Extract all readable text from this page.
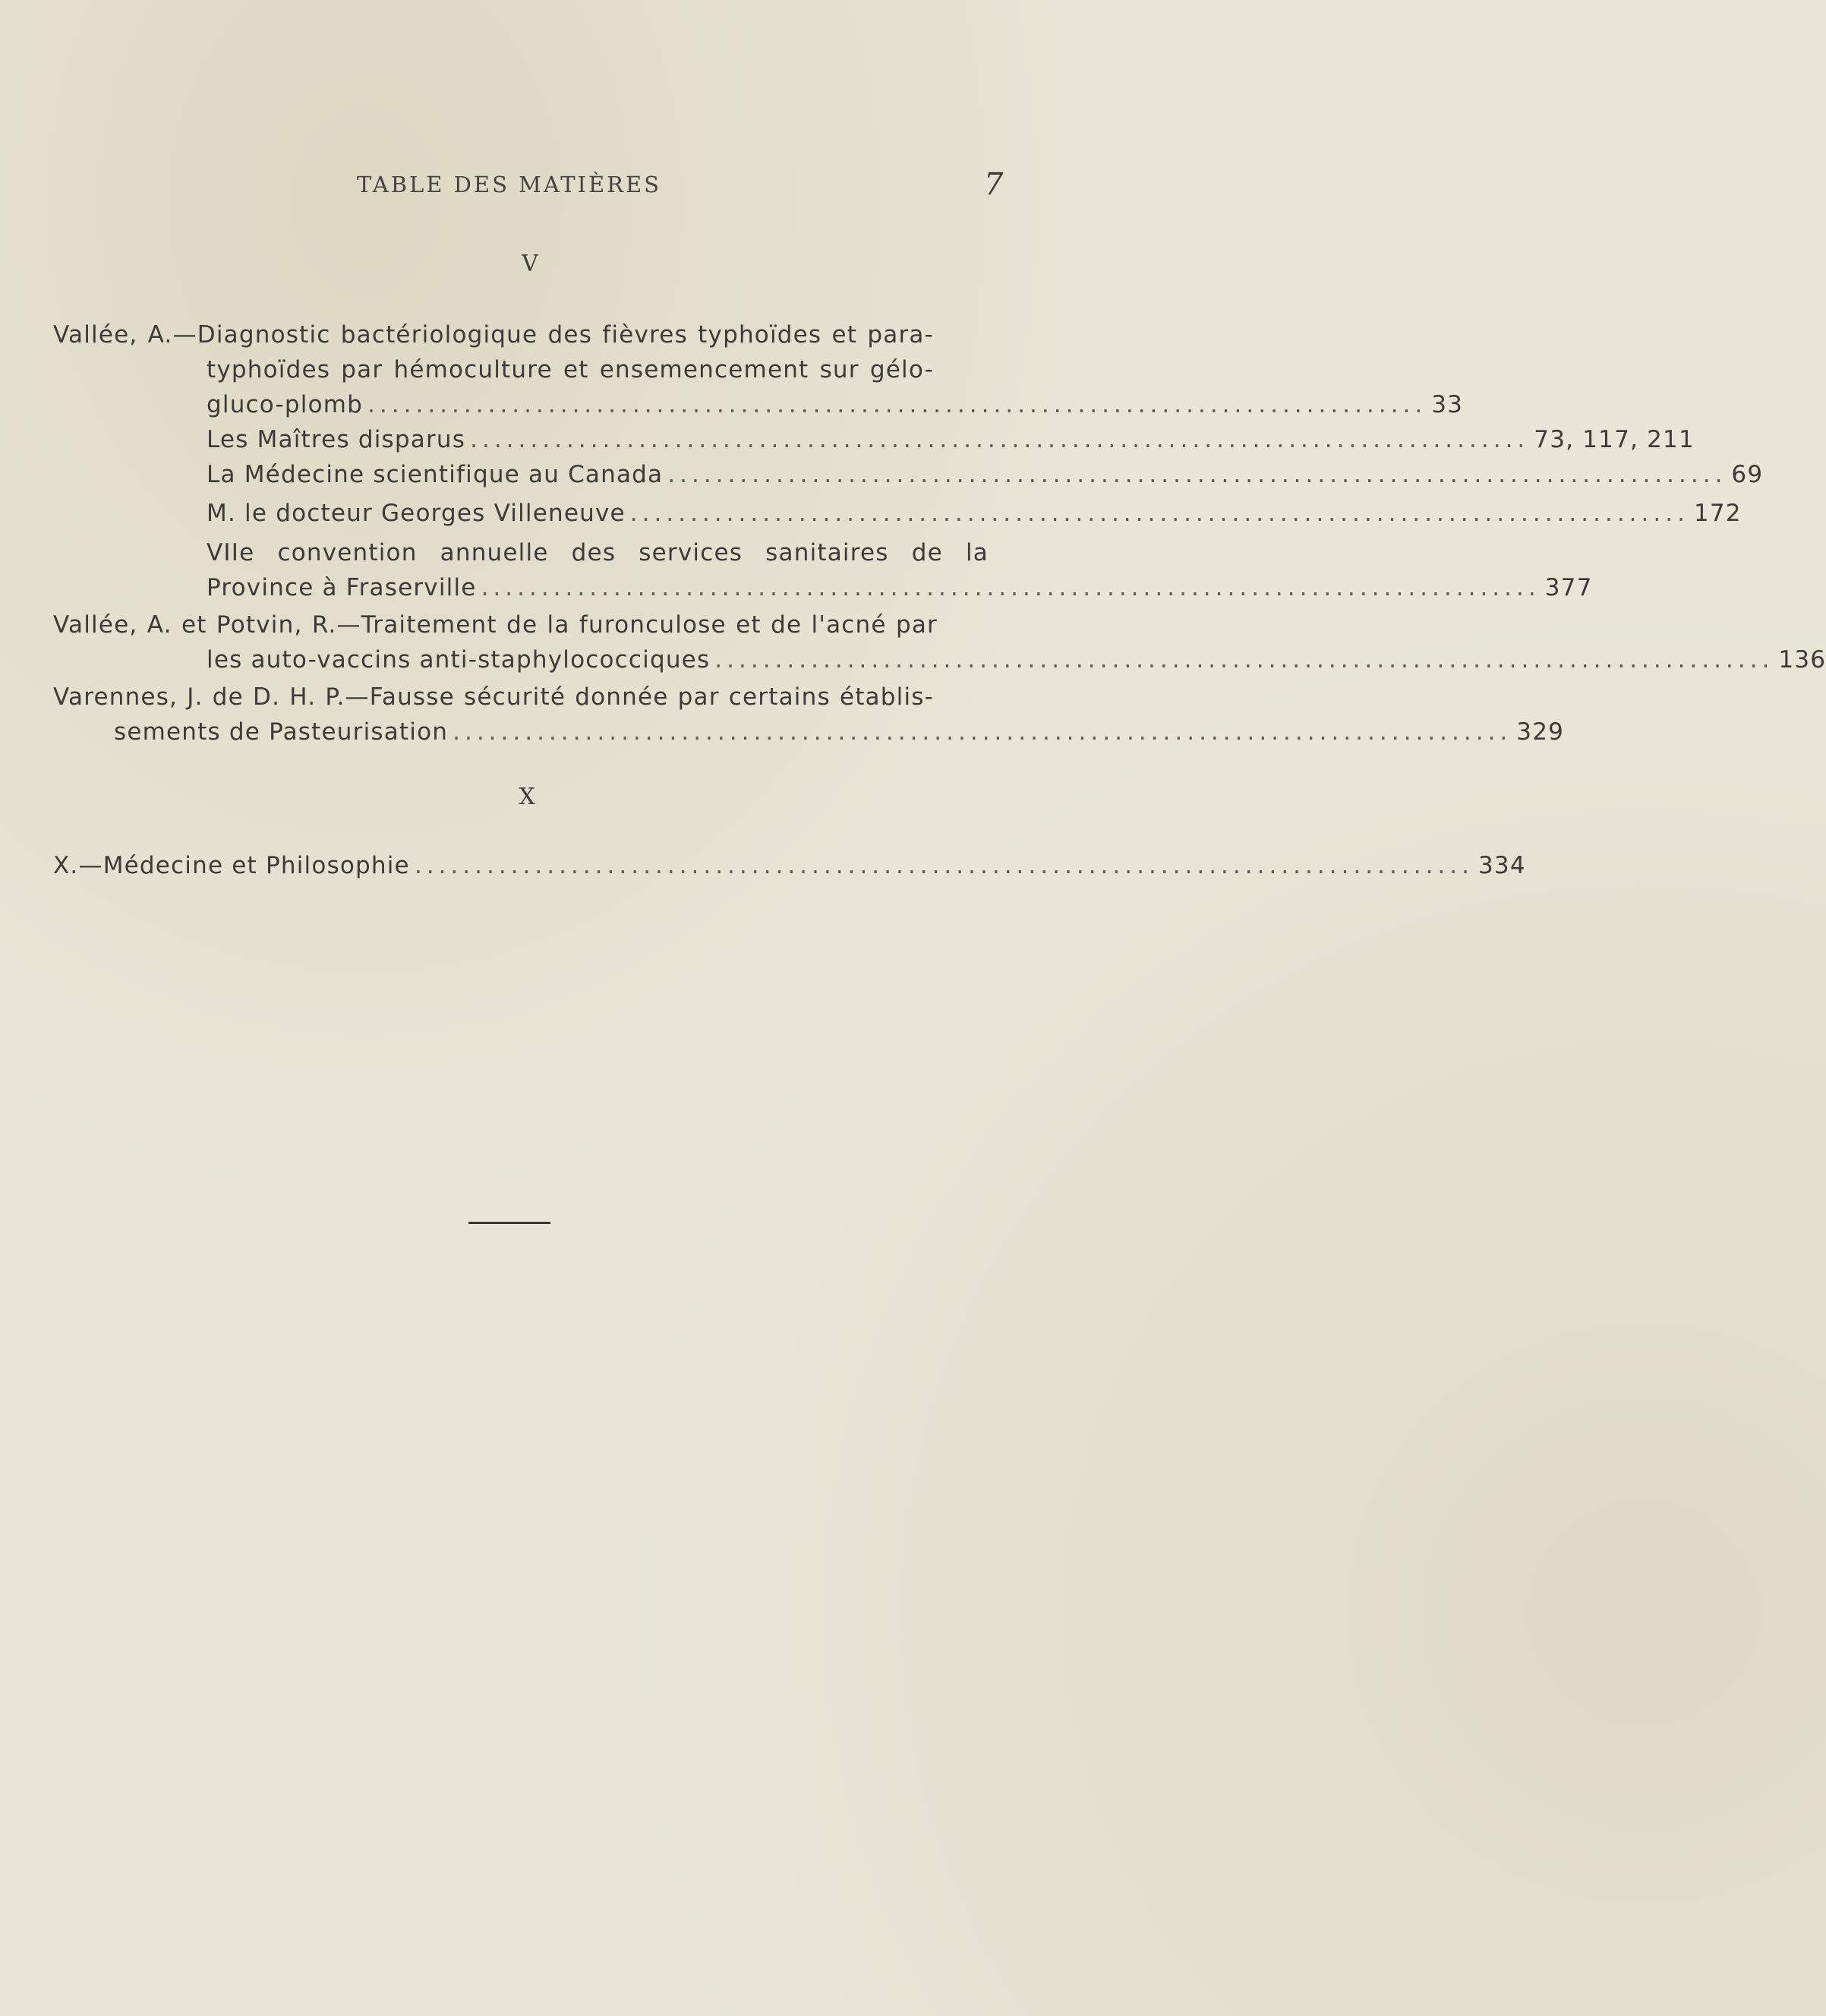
TABLE DES MATIÈRES	7
V
Vallée, A.—Diagnostic bactériologique des fièvres typhoïdes et para-
typhoïdes par hémoculture et ensemencement sur gélo-
gluco-plomb ........................................................................................ 33
Les Maîtres disparus ........................................................................................ 73, 117, 211
La Médecine scientifique au Canada ........................................................................................ 69
M. le docteur Georges Villeneuve ........................................................................................ 172
VIIe convention annuelle des services sanitaires de la
Province à Fraserville ........................................................................................ 377
Vallée, A. et Potvin, R.—Traitement de la furonculose et de l'acné par
les auto-vaccins anti-staphylococciques ........................................................................................ 136
Varennes, J. de D. H. P.—Fausse sécurité donnée par certains établis-
sements de Pasteurisation ........................................................................................ 329
X
X.—Médecine et Philosophie ........................................................................................ 334
